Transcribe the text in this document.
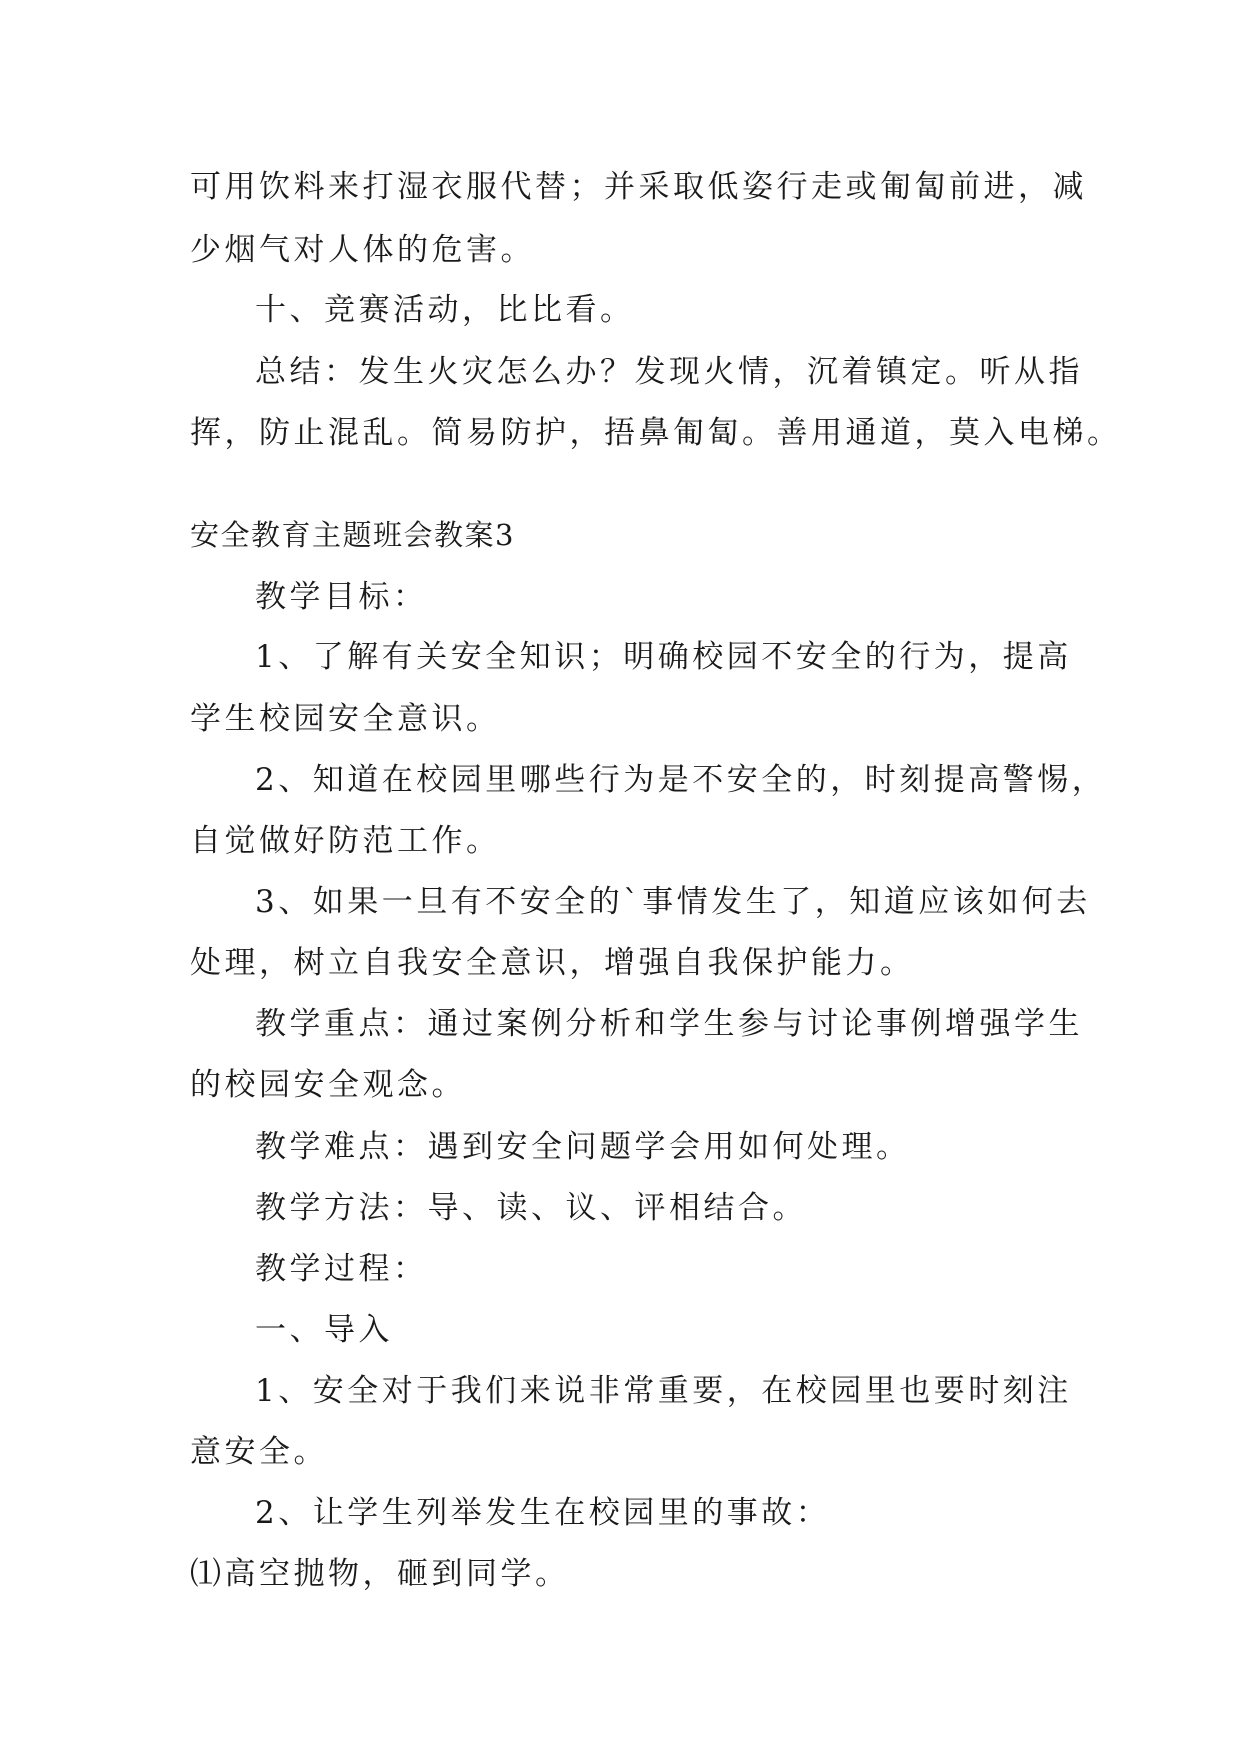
可用饮料来打湿衣服代替；并采取低姿行走或匍匐前进，减
少烟气对人体的危害。
十、竞赛活动，比比看。
总结：发生火灾怎么办？发现火情，沉着镇定。听从指
挥，防止混乱。简易防护，捂鼻匍匐。善用通道，莫入电梯。
安全教育主题班会教案3
教学目标：
1、了解有关安全知识；明确校园不安全的行为，提高
学生校园安全意识。
2、知道在校园里哪些行为是不安全的，时刻提高警惕，
自觉做好防范工作。
3、如果一旦有不安全的`事情发生了，知道应该如何去
处理，树立自我安全意识，增强自我保护能力。
教学重点：通过案例分析和学生参与讨论事例增强学生
的校园安全观念。
教学难点：遇到安全问题学会用如何处理。
教学方法：导、读、议、评相结合。
教学过程：
一、导入
1、安全对于我们来说非常重要，在校园里也要时刻注
意安全。
2、让学生列举发生在校园里的事故：
⑴高空抛物，砸到同学。
